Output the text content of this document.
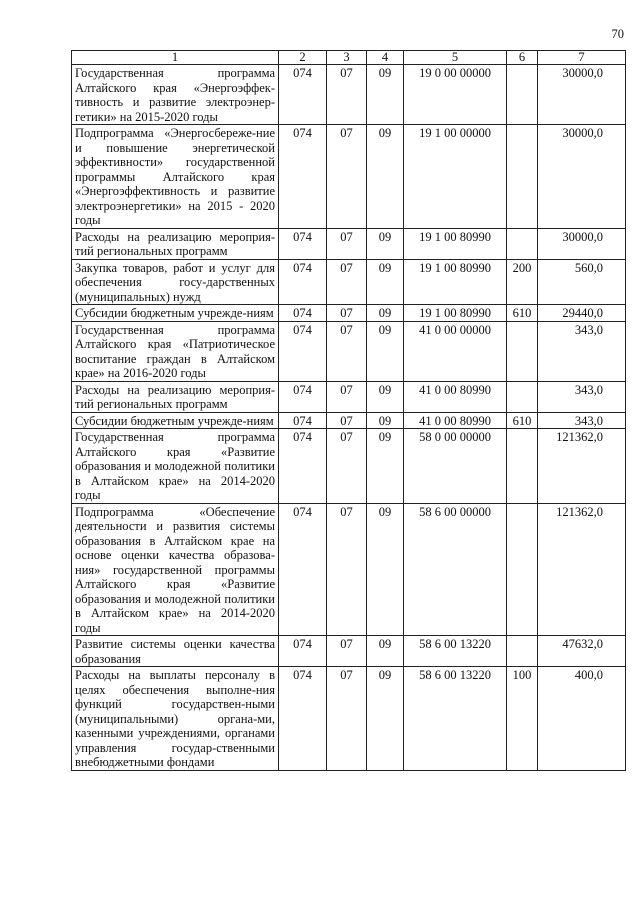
70
1	2	3	4	5	6	7
Государственная программа Алтайского края «Энергоэффек-тивность и развитие электроэнер-гетики» на 2015-2020 годы	074	07	09	19 0 00 00000		30000,0
Подпрограмма «Энергосбереже-ние и повышение энергетической эффективности» государственной программы Алтайского края «Энергоэффективность и развитие электроэнергетики» на 2015 - 2020 годы	074	07	09	19 1 00 00000		30000,0
Расходы на реализацию мероприя-тий региональных программ	074	07	09	19 1 00 80990		30000,0
Закупка товаров, работ и услуг для обеспечения госу-дарственных (муниципальных) нужд	074	07	09	19 1 00 80990	200	560,0
Субсидии бюджетным учрежде-ниям	074	07	09	19 1 00 80990	610	29440,0
Государственная программа Алтайского края «Патриотическое воспитание граждан в Алтайском крае» на 2016-2020 годы	074	07	09	41 0 00 00000		343,0
Расходы на реализацию мероприя-тий региональных программ	074	07	09	41 0 00 80990		343,0
Субсидии бюджетным учрежде-ниям	074	07	09	41 0 00 80990	610	343,0
Государственная программа Алтайского края «Развитие образования и молодежной политики в Алтайском крае» на 2014-2020 годы	074	07	09	58 0 00 00000		121362,0
Подпрограмма «Обеспечение деятельности и развития системы образования в Алтайском крае на основе оценки качества образова-ния» государственной программы Алтайского края «Развитие образования и молодежной политики в Алтайском крае» на 2014-2020 годы	074	07	09	58 6 00 00000		121362,0
Развитие системы оценки качества образования	074	07	09	58 6 00 13220		47632,0
Расходы на выплаты персоналу в целях обеспечения выполне-ния функций государствен-ными (муниципальными) органа-ми, казенными учреждениями, органами управления государ-ственными внебюджетными фондами	074	07	09	58 6 00 13220	100	400,0
